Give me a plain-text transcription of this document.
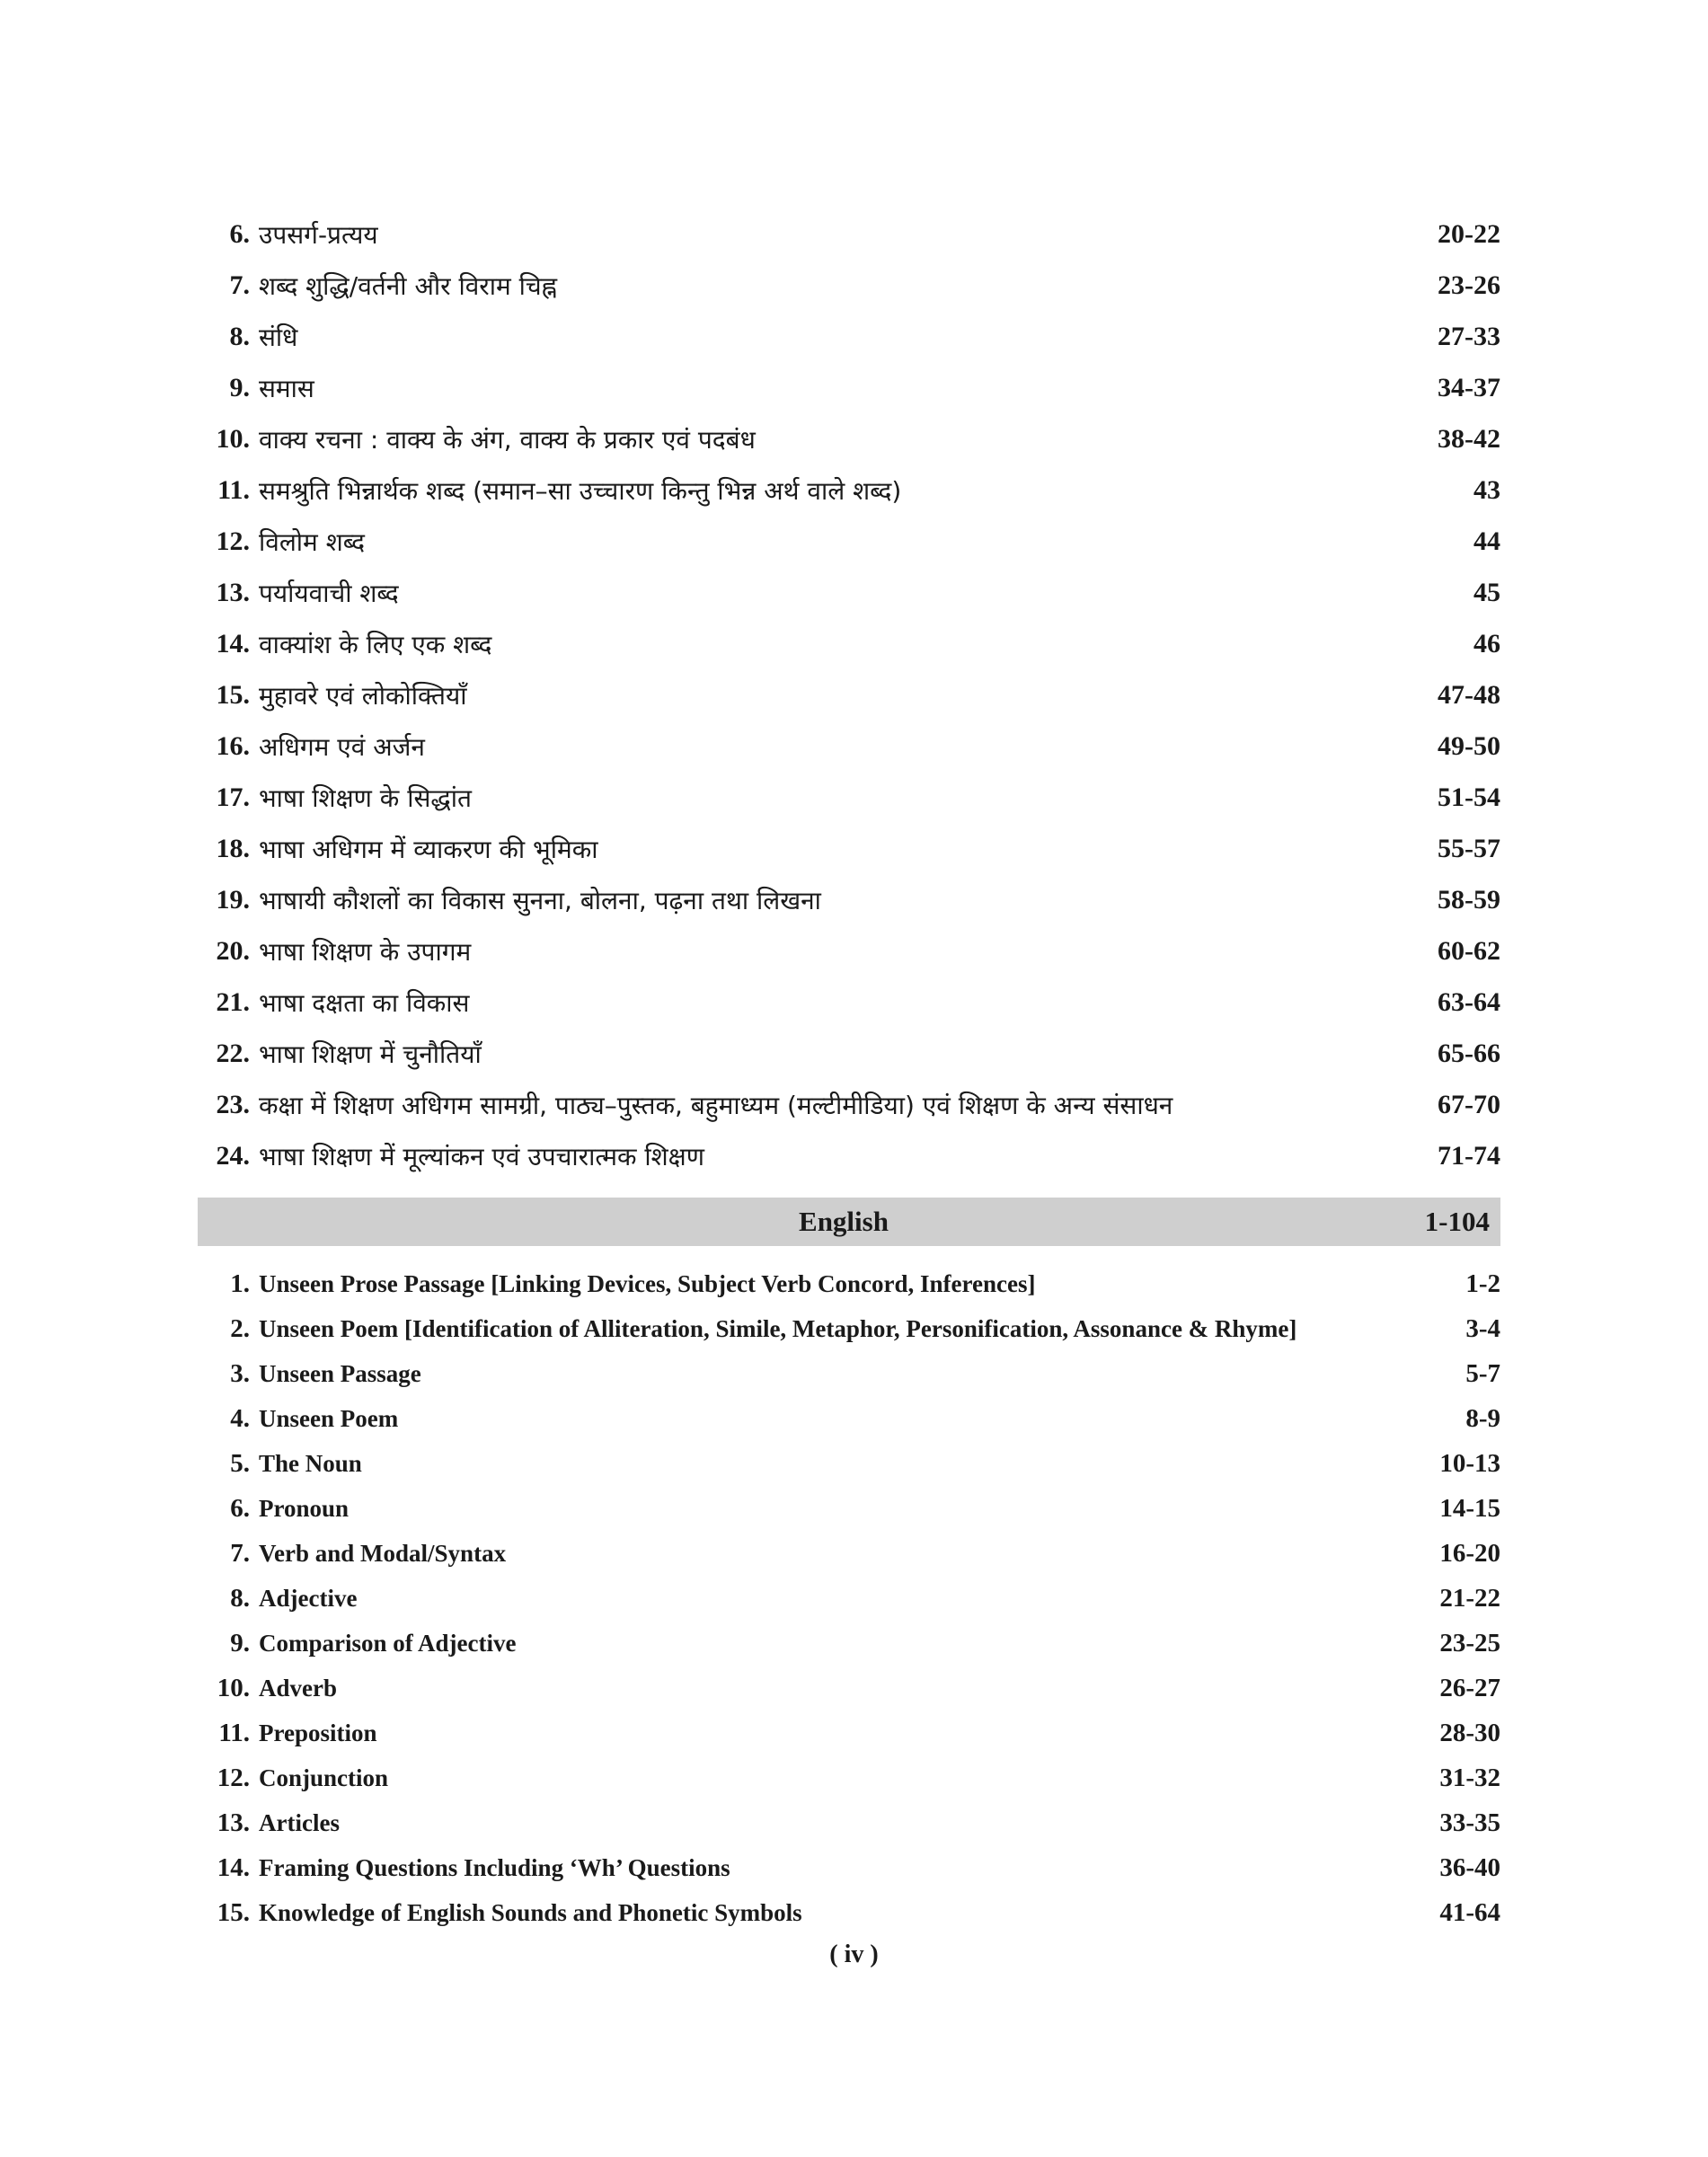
6. उपसर्ग-प्रत्यय	20-22
7. शब्द शुद्धि/वर्तनी और विराम चिह्न	23-26
8. संधि	27-33
9. समास	34-37
10. वाक्य रचना : वाक्य के अंग, वाक्य के प्रकार एवं पदबंध	38-42
11. समश्रुति भिन्नार्थक शब्द (समान–सा उच्चारण किन्तु भिन्न अर्थ वाले शब्द)	43
12. विलोम शब्द	44
13. पर्यायवाची शब्द	45
14. वाक्यांश के लिए एक शब्द	46
15. मुहावरे एवं लोकोक्तियाँ	47-48
16. अधिगम एवं अर्जन	49-50
17. भाषा शिक्षण के सिद्धांत	51-54
18. भाषा अधिगम में व्याकरण की भूमिका	55-57
19. भाषायी कौशलों का विकास सुनना, बोलना, पढ़ना तथा लिखना	58-59
20. भाषा शिक्षण के उपागम	60-62
21. भाषा दक्षता का विकास	63-64
22. भाषा शिक्षण में चुनौतियाँ	65-66
23. कक्षा में शिक्षण अधिगम सामग्री, पाठ्य–पुस्तक, बहुमाध्यम (मल्टीमीडिया) एवं शिक्षण के अन्य संसाधन	67-70
24. भाषा शिक्षण में मूल्यांकन एवं उपचारात्मक शिक्षण	71-74
English	1-104
1. Unseen Prose Passage [Linking Devices, Subject Verb Concord, Inferences]	1-2
2. Unseen Poem [Identification of Alliteration, Simile, Metaphor, Personification, Assonance & Rhyme]	3-4
3. Unseen Passage	5-7
4. Unseen Poem	8-9
5. The Noun	10-13
6. Pronoun	14-15
7. Verb and Modal/Syntax	16-20
8. Adjective	21-22
9. Comparison of Adjective	23-25
10. Adverb	26-27
11. Preposition	28-30
12. Conjunction	31-32
13. Articles	33-35
14. Framing Questions Including ‘Wh’ Questions	36-40
15. Knowledge of English Sounds and Phonetic Symbols	41-64
( iv )
